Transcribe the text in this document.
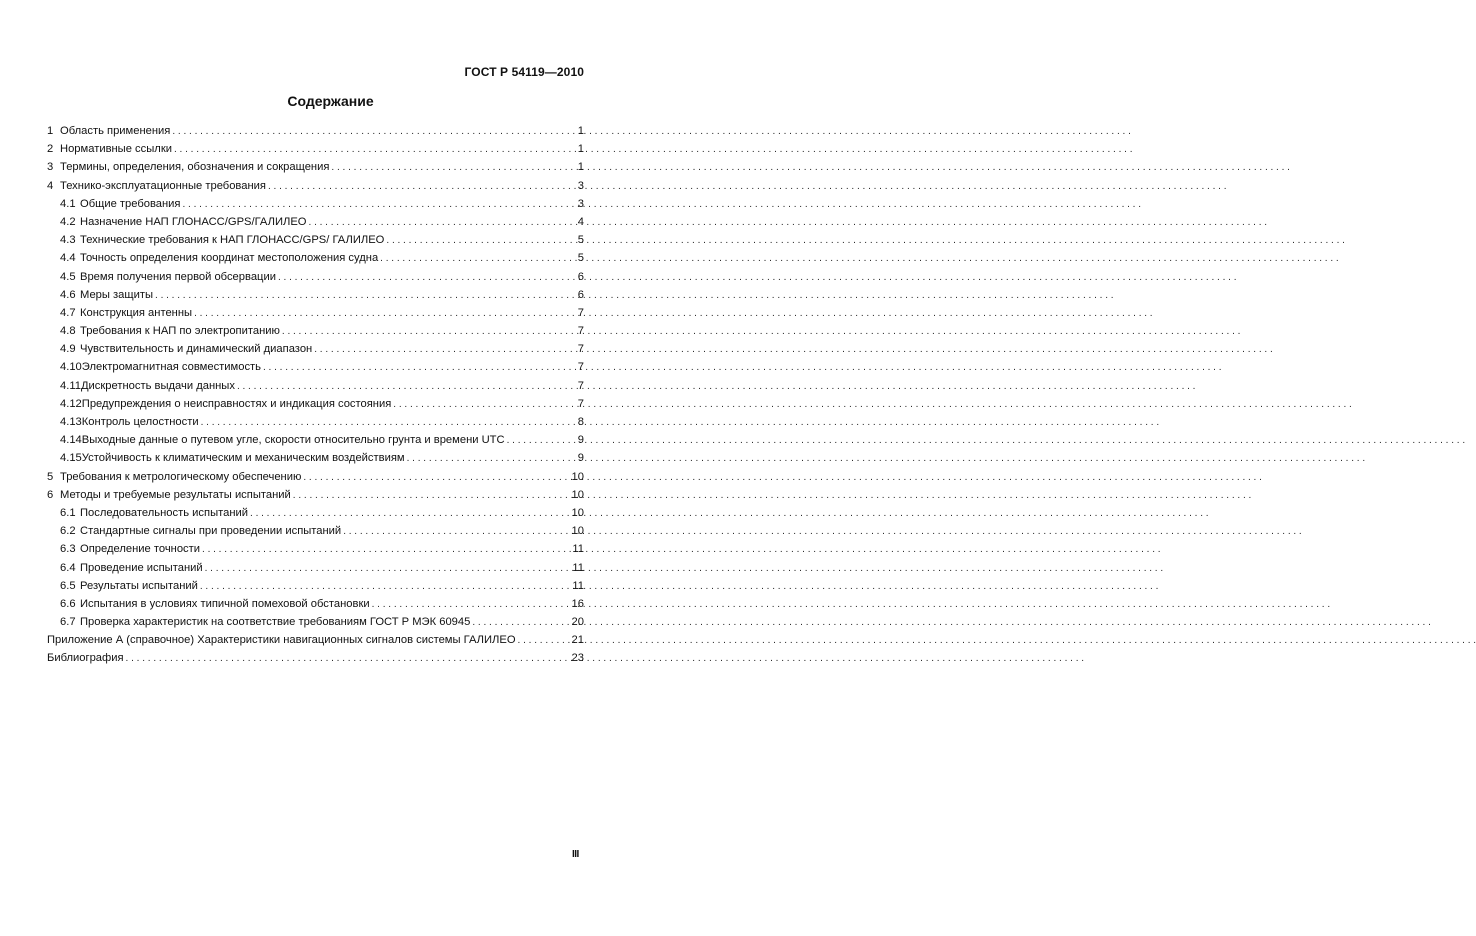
ГОСТ Р 54119—2010
Содержание
1 Область применения . . .	1
2 Нормативные ссылки . . .	1
3 Термины, определения, обозначения и сокращения . . .	1
4 Технико-эксплуатационные требования . . .	3
4.1 Общие требования . . .	3
4.2 Назначение НАП ГЛОНАСС/GPS/ГАЛИЛЕО . . .	4
4.3 Технические требования к НАП ГЛОНАСС/GPS/ ГАЛИЛЕО . . .	5
4.4 Точность определения координат местоположения судна . . .	5
4.5 Время получения первой обсервации . . .	6
4.6 Меры защиты . . .	6
4.7 Конструкция антенны . . .	7
4.8 Требования к НАП по электропитанию . . .	7
4.9 Чувствительность и динамический диапазон . . .	7
4.10 Электромагнитная совместимость . . .	7
4.11 Дискретность выдачи данных . . .	7
4.12 Предупреждения о неисправностях и индикация состояния . . .	7
4.13 Контроль целостности . . .	8
4.14 Выходные данные о путевом угле, скорости относительно грунта и времени UTC . . .	9
4.15 Устойчивость к климатическим и механическим воздействиям . . .	9
5 Требования к метрологическому обеспечению . . .	10
6 Методы и требуемые результаты испытаний . . .	10
6.1 Последовательность испытаний . . .	10
6.2 Стандартные сигналы при проведении испытаний . . .	10
6.3 Определение точности . . .	11
6.4 Проведение испытаний . . .	11
6.5 Результаты испытаний . . .	11
6.6 Испытания в условиях типичной помеховой обстановки . . .	16
6.7 Проверка характеристик на соответствие требованиям ГОСТ Р МЭК 60945 . . .	20
Приложение А (справочное) Характеристики навигационных сигналов системы ГАЛИЛЕО . . .	21
Библиография . . .	23
III
